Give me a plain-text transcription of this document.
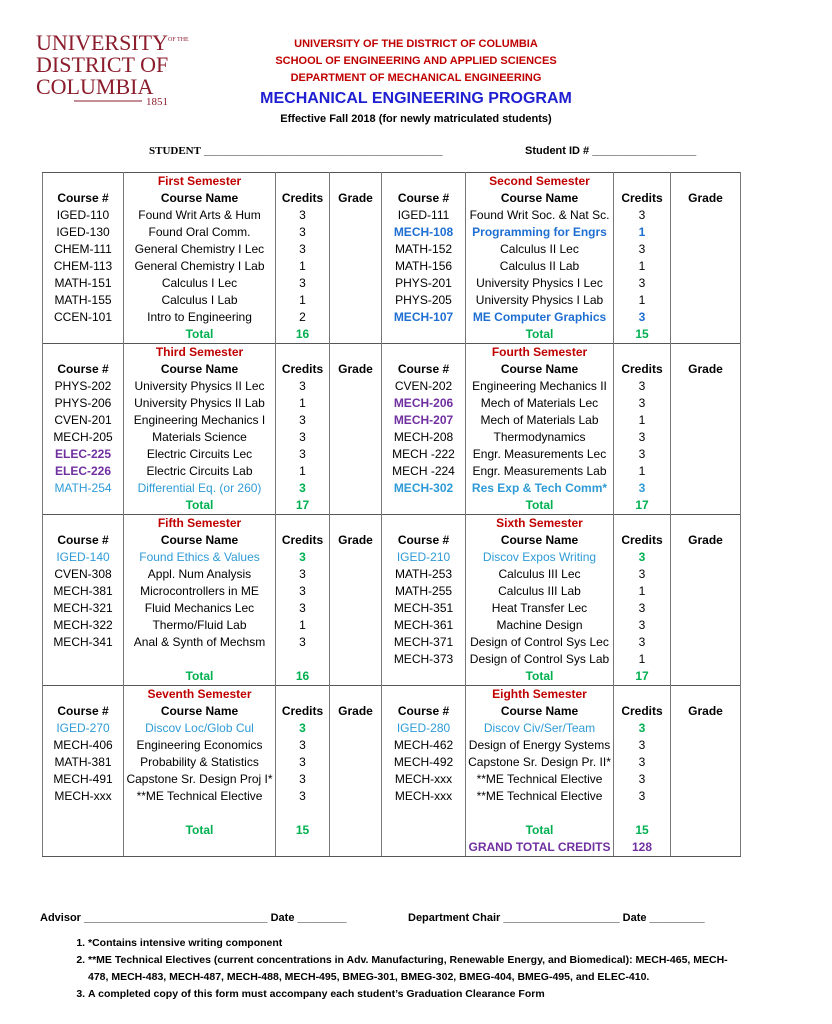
UNIVERSITY OF THE
DISTRICT OF
COLUMBIA
1851
UNIVERSITY OF THE DISTRICT OF COLUMBIA
SCHOOL OF ENGINEERING AND APPLIED SCIENCES
DEPARTMENT OF MECHANICAL ENGINEERING
MECHANICAL ENGINEERING PROGRAM
Effective Fall 2018 (for newly matriculated students)
STUDENT _______________________________________	Student ID # _________________
	First Semester				Second Semester		
Course #	Course Name	Credits	Grade	Course #	Course Name	Credits	Grade
IGED-110	Found Writ Arts & Hum	3		IGED-111	Found Writ Soc. & Nat Sc.	3	
IGED-130	Found Oral Comm.	3		MECH-108	Programming for Engrs	1	
CHEM-111	General Chemistry I Lec	3		MATH-152	Calculus II Lec	3	
CHEM-113	General Chemistry I Lab	1		MATH-156	Calculus II Lab	1	
MATH-151	Calculus I Lec	3		PHYS-201	University Physics I Lec	3	
MATH-155	Calculus I Lab	1		PHYS-205	University Physics I Lab	1	
CCEN-101	Intro to Engineering	2		MECH-107	ME Computer Graphics	3	
	Total	16			Total	15	
	Third Semester				Fourth Semester		
Course #	Course Name	Credits	Grade	Course #	Course Name	Credits	Grade
PHYS-202	University Physics II Lec	3		CVEN-202	Engineering Mechanics II	3	
PHYS-206	University Physics II Lab	1		MECH-206	Mech of Materials Lec	3	
CVEN-201	Engineering Mechanics I	3		MECH-207	Mech of Materials Lab	1	
MECH-205	Materials Science	3		MECH-208	Thermodynamics	3	
ELEC-225	Electric Circuits Lec	3		MECH -222	Engr. Measurements Lec	3	
ELEC-226	Electric Circuits Lab	1		MECH -224	Engr. Measurements Lab	1	
MATH-254	Differential Eq. (or 260)	3		MECH-302	Res Exp & Tech Comm*	3	
	Total	17			Total	17	
	Fifth Semester				Sixth Semester		
Course #	Course Name	Credits	Grade	Course #	Course Name	Credits	Grade
IGED-140	Found Ethics & Values	3		IGED-210	Discov Expos Writing	3	
CVEN-308	Appl. Num Analysis	3		MATH-253	Calculus III Lec	3	
MECH-381	Microcontrollers in ME	3		MATH-255	Calculus III Lab	1	
MECH-321	Fluid Mechanics Lec	3		MECH-351	Heat Transfer Lec	3	
MECH-322	Thermo/Fluid Lab	1		MECH-361	Machine Design	3	
MECH-341	Anal & Synth of Mechsm	3		MECH-371	Design of Control Sys Lec	3	
				MECH-373	Design of Control Sys Lab	1	
	Total	16			Total	17	
	Seventh Semester				Eighth Semester		
Course #	Course Name	Credits	Grade	Course #	Course Name	Credits	Grade
IGED-270	Discov Loc/Glob Cul	3		IGED-280	Discov Civ/Ser/Team	3	
MECH-406	Engineering Economics	3		MECH-462	Design of Energy Systems	3	
MATH-381	Probability & Statistics	3		MECH-492	Capstone Sr. Design Pr. II*	3	
MECH-491	Capstone Sr. Design Proj I*	3		MECH-xxx	**ME Technical Elective	3	
MECH-xxx	**ME Technical Elective	3		MECH-xxx	**ME Technical Elective	3	

	Total	15			Total	15	
					GRAND TOTAL CREDITS	128	
Advisor ______________________________ Date ________	Department Chair ___________________ Date _________
1. *Contains intensive writing component
2. **ME Technical Electives (current concentrations in Adv. Manufacturing, Renewable Energy, and Biomedical): MECH-465, MECH-478, MECH-483, MECH-487, MECH-488, MECH-495, BMEG-301, BMEG-302, BMEG-404, BMEG-495, and ELEC-410.
3. A completed copy of this form must accompany each student’s Graduation Clearance Form
